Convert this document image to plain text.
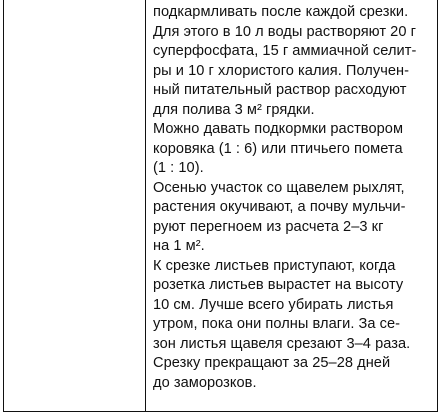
подкармливать после каждой срезки.
Для этого в 10 л воды растворяют 20 г
суперфосфата, 15 г аммиачной селит-
ры и 10 г хлористого калия. Получен-
ный питательный раствор расходуют
для полива 3 м² грядки.
Можно давать подкормки раствором
коровяка (1 : 6) или птичьего помета
(1 : 10).
Осенью участок со щавелем рыхлят,
растения окучивают, а почву мульчи-
руют перегноем из расчета 2–3 кг
на 1 м².
К срезке листьев приступают, когда
розетка листьев вырастет на высоту
10 см. Лучше всего убирать листья
утром, пока они полны влаги. За се-
зон листья щавеля срезают 3–4 раза.
Срезку прекращают за 25–28 дней
до заморозков.
